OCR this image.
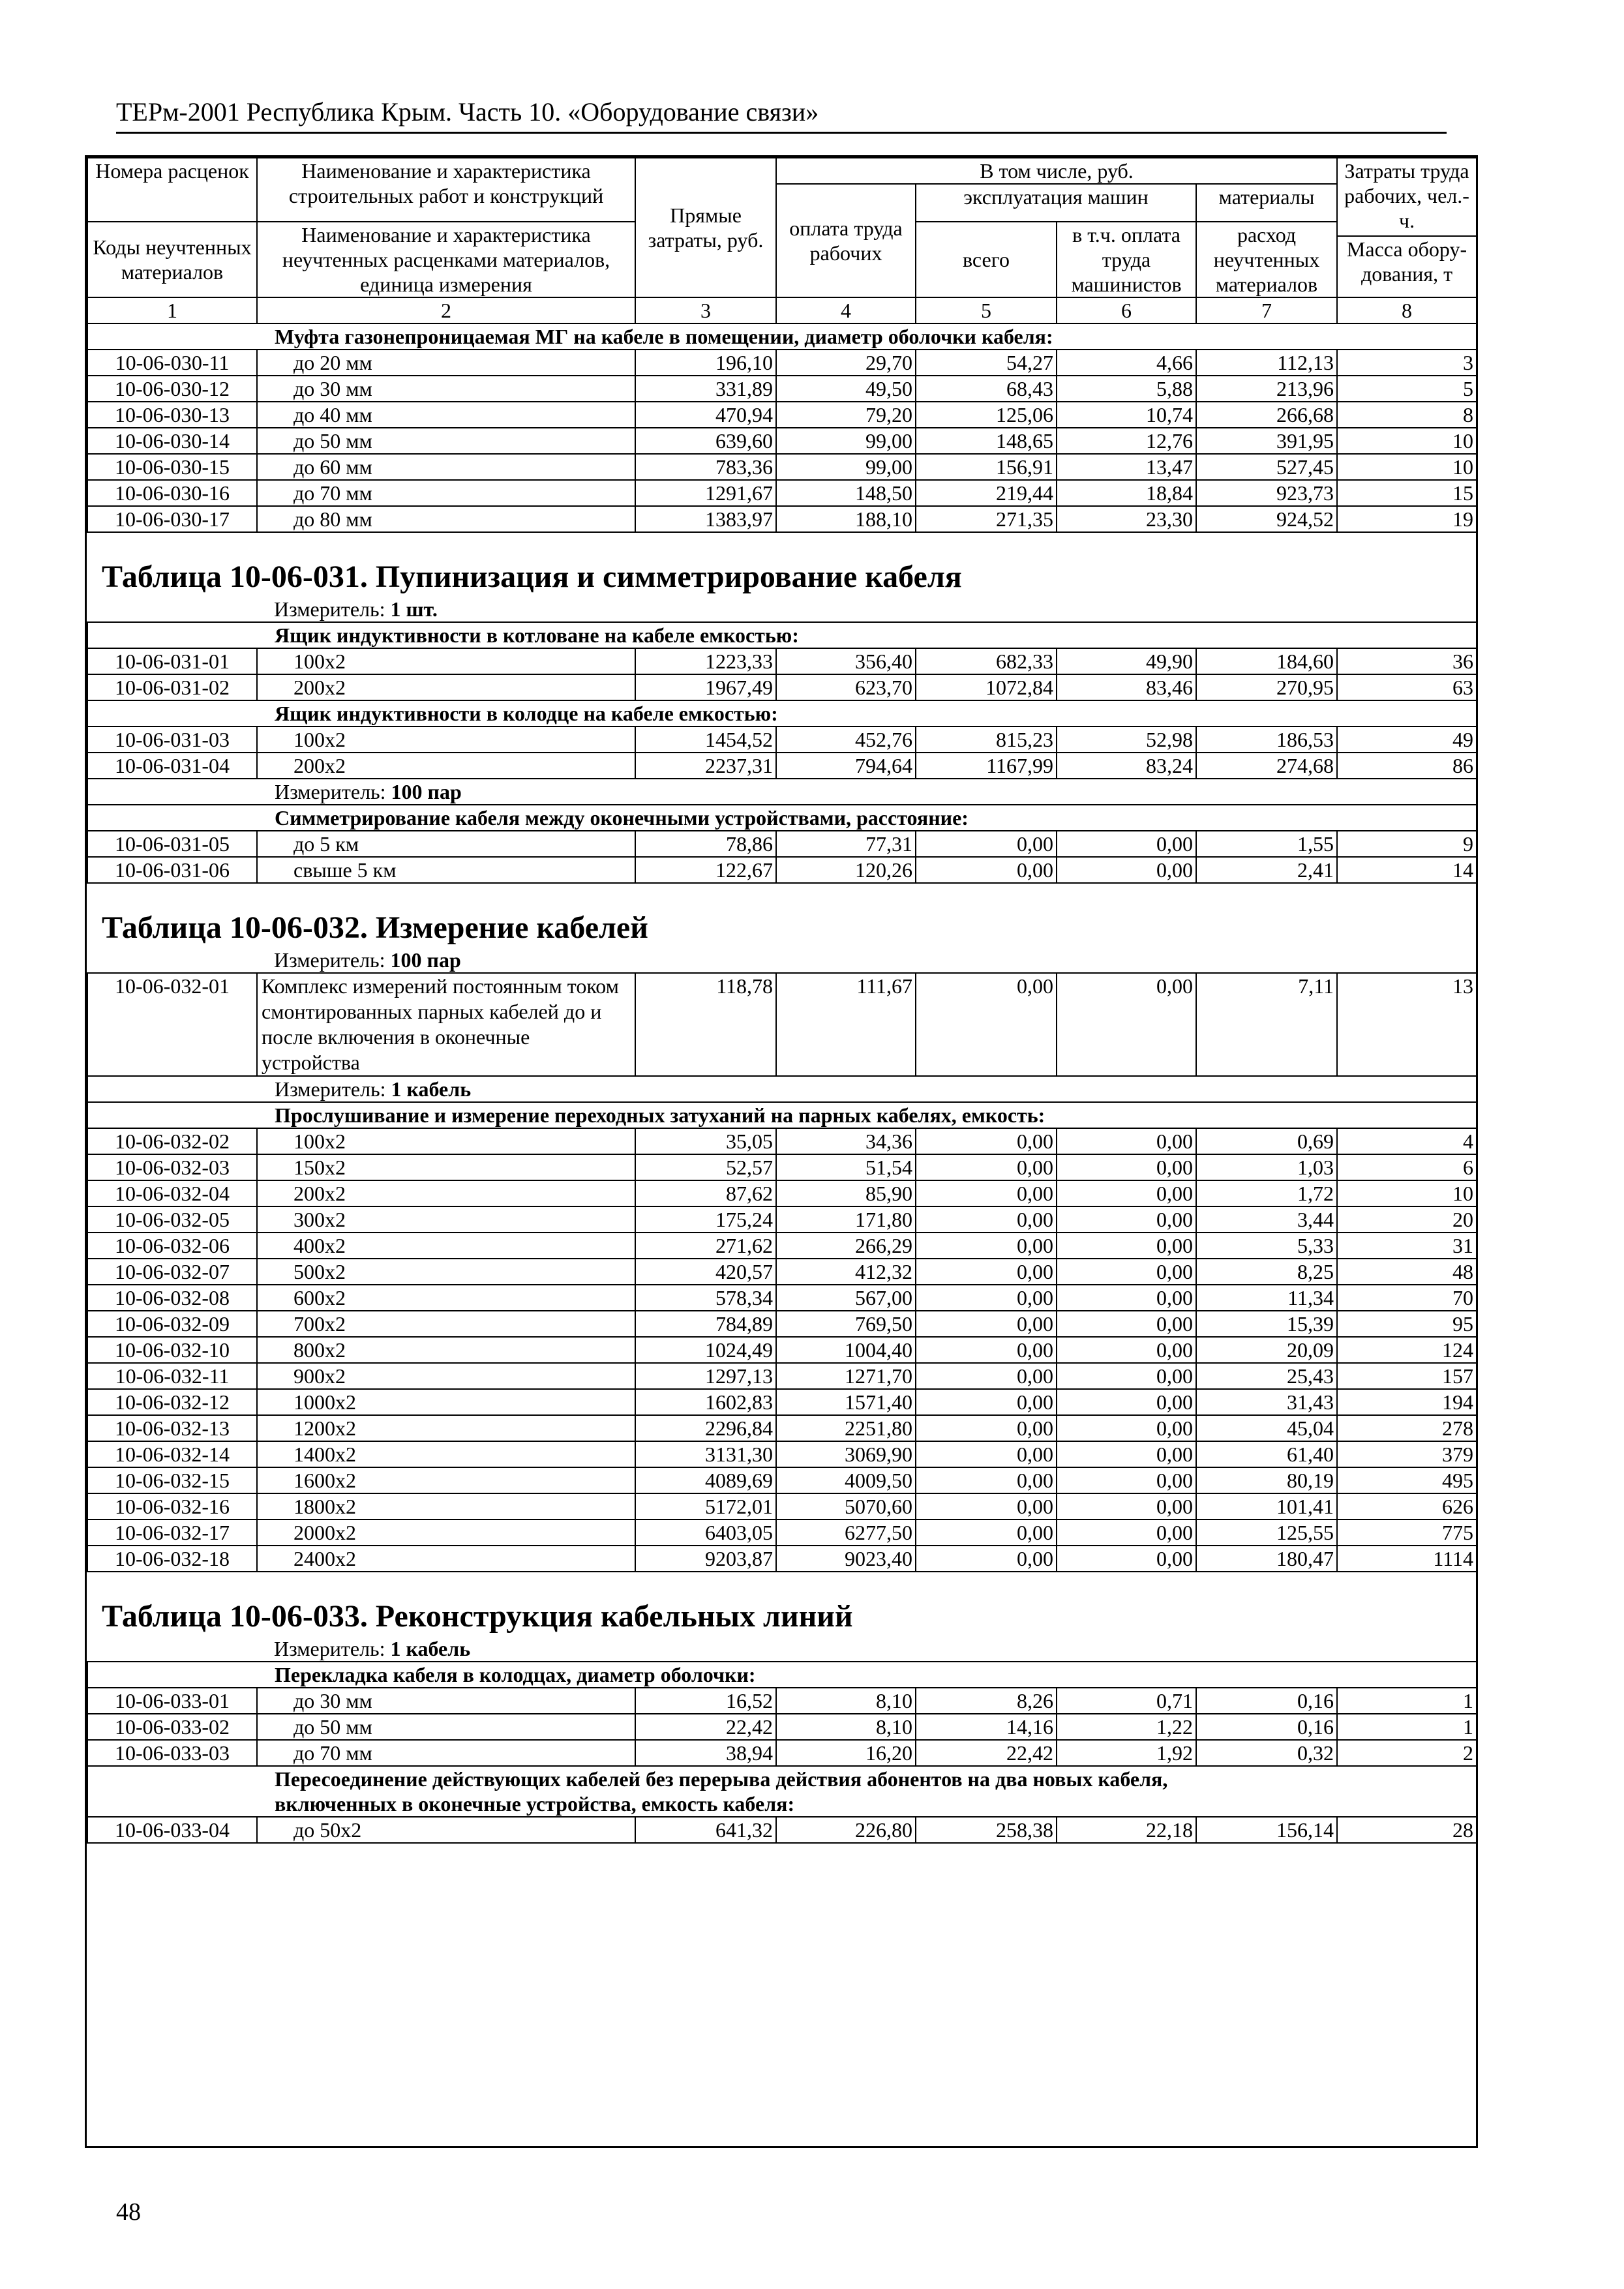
ТЕРм-2001 Республика Крым. Часть 10. «Оборудование связи»
Номера расценок	Наименование и характеристика строительных работ и конструкций	Прямые затраты, руб.	В том числе, руб.				Затраты труда рабочих, чел.-ч.
			оплата труда рабочих	эксплуатация машин		материалы	
Коды неучтенных материалов	Наименование и характеристика неучтенных расценками материалов, единица измерения			всего	в т.ч. оплата труда машинистов	расход неучтенных материалов	
							Масса обору-дования, т
1	2	3	4	5	6	7	8
Муфта газонепроницаемая МГ на кабеле в помещении, диаметр оболочки кабеля:							
10-06-030-11	до 20 мм	196,10	29,70	54,27	4,66	112,13	3
10-06-030-12	до 30 мм	331,89	49,50	68,43	5,88	213,96	5
10-06-030-13	до 40 мм	470,94	79,20	125,06	10,74	266,68	8
10-06-030-14	до 50 мм	639,60	99,00	148,65	12,76	391,95	10
10-06-030-15	до 60 мм	783,36	99,00	156,91	13,47	527,45	10
10-06-030-16	до 70 мм	1291,67	148,50	219,44	18,84	923,73	15
10-06-030-17	до 80 мм	1383,97	188,10	271,35	23,30	924,52	19
Таблица 10-06-031. Пупинизация и симметрирование кабеля							
Измеритель: 1 шт.							
Ящик индуктивности в котловане на кабеле емкостью:							
10-06-031-01	100х2	1223,33	356,40	682,33	49,90	184,60	36
10-06-031-02	200х2	1967,49	623,70	1072,84	83,46	270,95	63
Ящик индуктивности в колодце на кабеле емкостью:							
10-06-031-03	100х2	1454,52	452,76	815,23	52,98	186,53	49
10-06-031-04	200х2	2237,31	794,64	1167,99	83,24	274,68	86
Измеритель: 100 пар							
Симметрирование кабеля между оконечными устройствами, расстояние:							
10-06-031-05	до 5 км	78,86	77,31	0,00	0,00	1,55	9
10-06-031-06	свыше 5 км	122,67	120,26	0,00	0,00	2,41	14
Таблица 10-06-032. Измерение кабелей							
Измеритель: 100 пар							
10-06-032-01	Комплекс измерений постоянным током смонтированных парных кабелей до и после включения в оконечные устройства	118,78	111,67	0,00	0,00	7,11	13
Измеритель: 1 кабель							
Прослушивание и измерение переходных затуханий на парных кабелях, емкость:							
10-06-032-02	100х2	35,05	34,36	0,00	0,00	0,69	4
10-06-032-03	150х2	52,57	51,54	0,00	0,00	1,03	6
10-06-032-04	200х2	87,62	85,90	0,00	0,00	1,72	10
10-06-032-05	300х2	175,24	171,80	0,00	0,00	3,44	20
10-06-032-06	400х2	271,62	266,29	0,00	0,00	5,33	31
10-06-032-07	500х2	420,57	412,32	0,00	0,00	8,25	48
10-06-032-08	600х2	578,34	567,00	0,00	0,00	11,34	70
10-06-032-09	700х2	784,89	769,50	0,00	0,00	15,39	95
10-06-032-10	800х2	1024,49	1004,40	0,00	0,00	20,09	124
10-06-032-11	900х2	1297,13	1271,70	0,00	0,00	25,43	157
10-06-032-12	1000х2	1602,83	1571,40	0,00	0,00	31,43	194
10-06-032-13	1200х2	2296,84	2251,80	0,00	0,00	45,04	278
10-06-032-14	1400х2	3131,30	3069,90	0,00	0,00	61,40	379
10-06-032-15	1600х2	4089,69	4009,50	0,00	0,00	80,19	495
10-06-032-16	1800х2	5172,01	5070,60	0,00	0,00	101,41	626
10-06-032-17	2000х2	6403,05	6277,50	0,00	0,00	125,55	775
10-06-032-18	2400х2	9203,87	9023,40	0,00	0,00	180,47	1114
Таблица 10-06-033. Реконструкция кабельных линий							
Измеритель: 1 кабель							
Перекладка кабеля в колодцах, диаметр оболочки:							
10-06-033-01	до 30 мм	16,52	8,10	8,26	0,71	0,16	1
10-06-033-02	до 50 мм	22,42	8,10	14,16	1,22	0,16	1
10-06-033-03	до 70 мм	38,94	16,20	22,42	1,92	0,32	2
Пересоединение действующих кабелей без перерыва действия абонентов на два новых кабеля,
включенных в оконечные устройства, емкость кабеля:							
10-06-033-04	до 50х2	641,32	226,80	258,38	22,18	156,14	28
48
